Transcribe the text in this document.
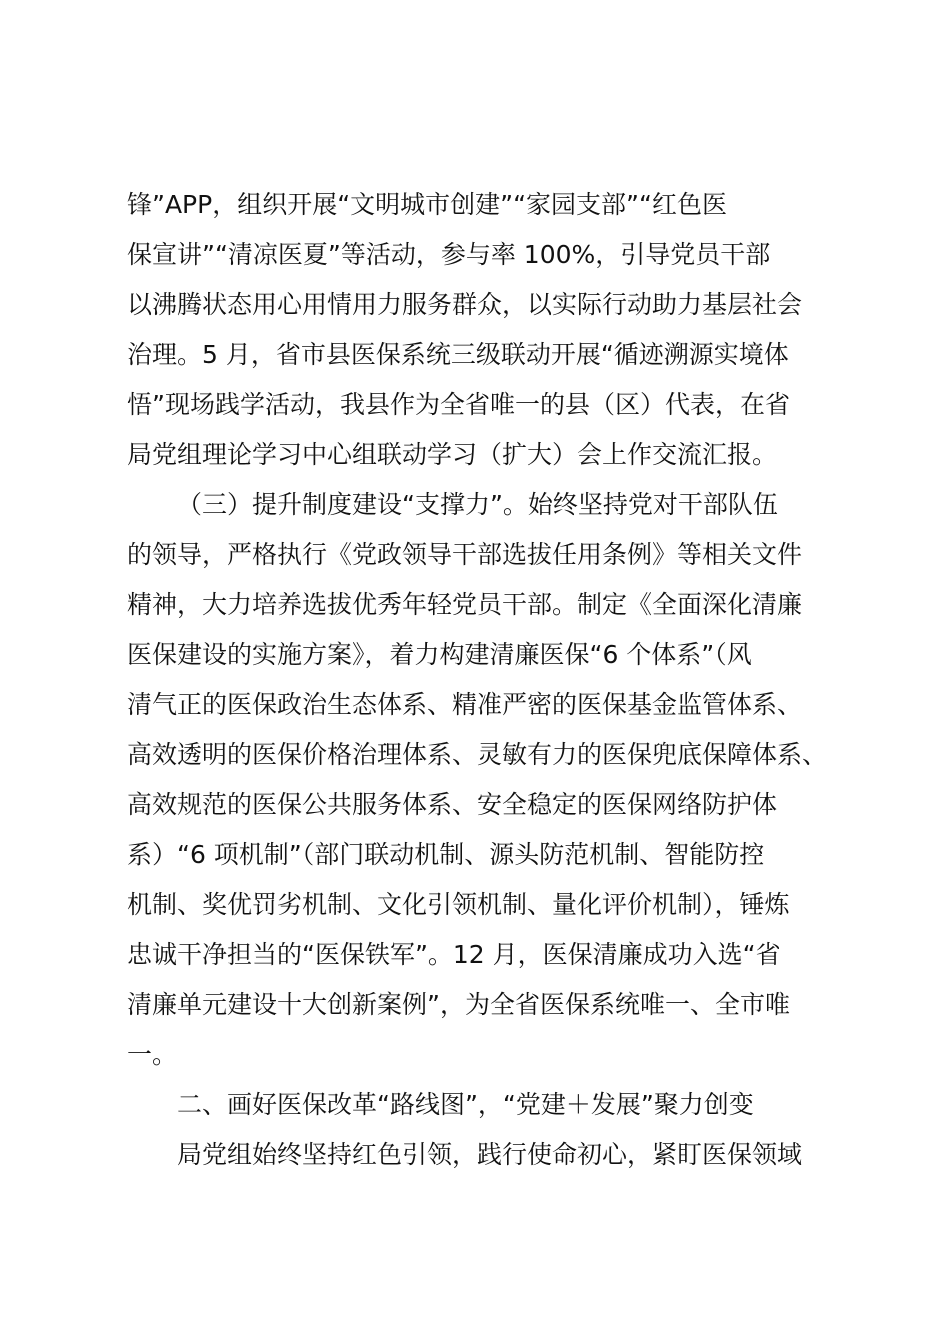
锋”APP，组织开展“文明城市创建”“家园支部”“红色医
保宣讲”“清凉医夏”等活动，参与率 100%，引导党员干部
以沸腾状态用心用情用力服务群众，以实际行动助力基层社会
治理。5 月，省市县医保系统三级联动开展“循迹溯源实境体
悟”现场践学活动，我县作为全省唯一的县（区）代表，在省
局党组理论学习中心组联动学习（扩大）会上作交流汇报。
（三）提升制度建设“支撑力”。始终坚持党对干部队伍
的领导，严格执行《党政领导干部选拔任用条例》等相关文件
精神，大力培养选拔优秀年轻党员干部。制定《全面深化清廉
医保建设的实施方案》，着力构建清廉医保“6 个体系”（风
清气正的医保政治生态体系、精准严密的医保基金监管体系、
高效透明的医保价格治理体系、灵敏有力的医保兜底保障体系、
高效规范的医保公共服务体系、安全稳定的医保网络防护体
系）“6 项机制”（部门联动机制、源头防范机制、智能防控
机制、奖优罚劣机制、文化引领机制、量化评价机制），锤炼
忠诚干净担当的“医保铁军”。12 月，医保清廉成功入选“省
清廉单元建设十大创新案例”，为全省医保系统唯一、全市唯
一。
二、画好医保改革“路线图”，“党建＋发展”聚力创变
局党组始终坚持红色引领，践行使命初心，紧盯医保领域
